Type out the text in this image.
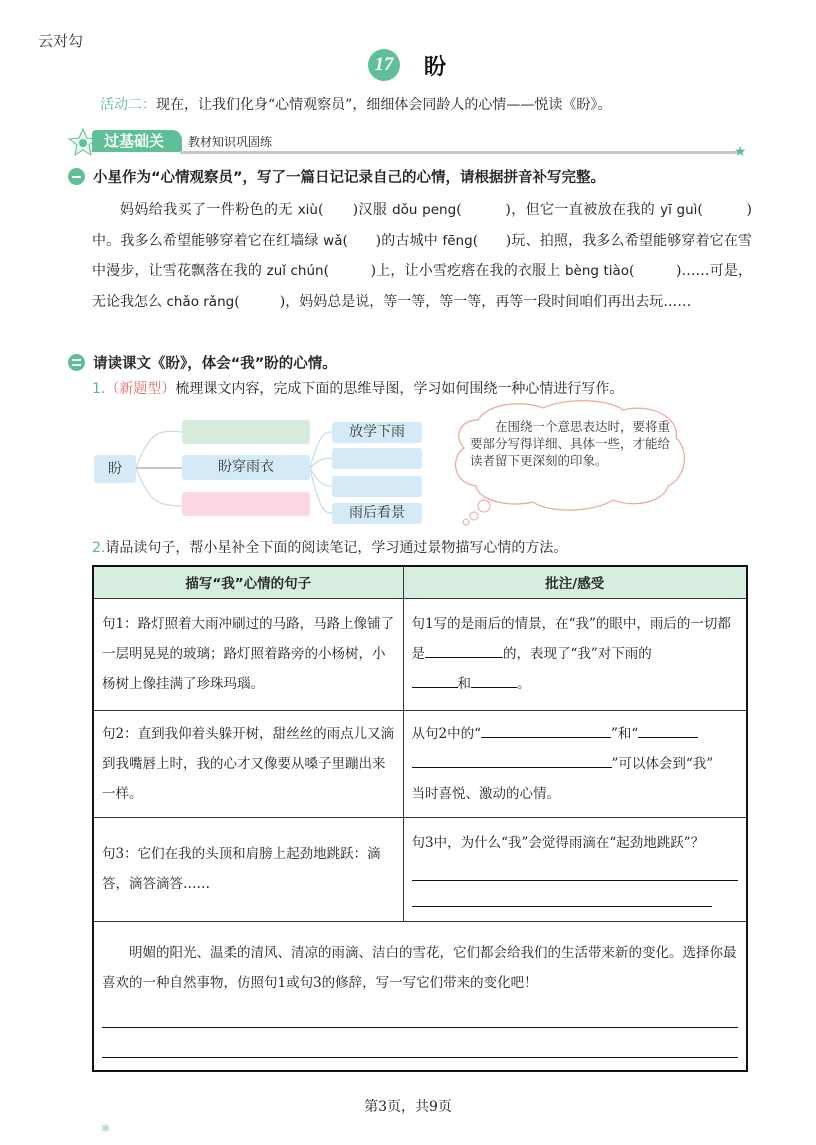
云对勾
17 盼
活动二：现在，让我们化身“心情观察员”，细细体会同龄人的心情——悦读《盼》。
过基础关	教材知识巩固练
★
小星作为“心情观察员”，写了一篇日记记录自己的心情，请根据拼音补写完整。
妈妈给我买了一件粉色的无 xiù(      )汉服 dǒu peng(         )，但它一直被放在我的 yī guì(         )中。我多么希望能够穿着它在红墙绿 wǎ(      )的古城中 fēng(      )玩、拍照，我多么希望能够穿着它在雪中漫步，让雪花飘落在我的 zuǐ chún(         )上，让小雪疙瘩在我的衣服上 bèng tiào(         )……可是，无论我怎么 chǎo rǎng(         )，妈妈总是说，等一等，等一等，再等一段时间咱们再出去玩……
请读课文《盼》，体会“我”盼的心情。
1.（新题型）梳理课文内容，完成下面的思维导图，学习如何围绕一种心情进行写作。
盼	盼穿雨衣
放学下雨
雨后看景
在围绕一个意思表达时，要将重要部分写得详细、具体一些，才能给读者留下更深刻的印象。
2.请品读句子，帮小星补全下面的阅读笔记，学习通过景物描写心情的方法。
描写“我”心情的句子	批注/感受
句1：路灯照着大雨冲刷过的马路，马路上像铺了一层明晃晃的玻璃；路灯照着路旁的小杨树，小杨树上像挂满了珍珠玛瑙。	句1写的是雨后的情景，在“我”的眼中，雨后的一切都是 的，表现了“我”对下雨的
和 。
句2：直到我仰着头躲开树，甜丝丝的雨点儿又滴到我嘴唇上时，我的心才又像要从嗓子里蹦出来一样。	从句2中的“ ”和“
”可以体会到“我”
当时喜悦、激动的心情。
句3：它们在我的头顶和肩膀上起劲地跳跃：滴答，滴答滴答……	句3中，为什么“我”会觉得雨滴在“起劲地跳跃”？

明媚的阳光、温柔的清风、清凉的雨滴、洁白的雪花，它们都会给我们的生活带来新的变化。选择你最喜欢的一种自然事物，仿照句1或句3的修辞，写一写它们带来的变化吧！	
第3页，共9页
✱
